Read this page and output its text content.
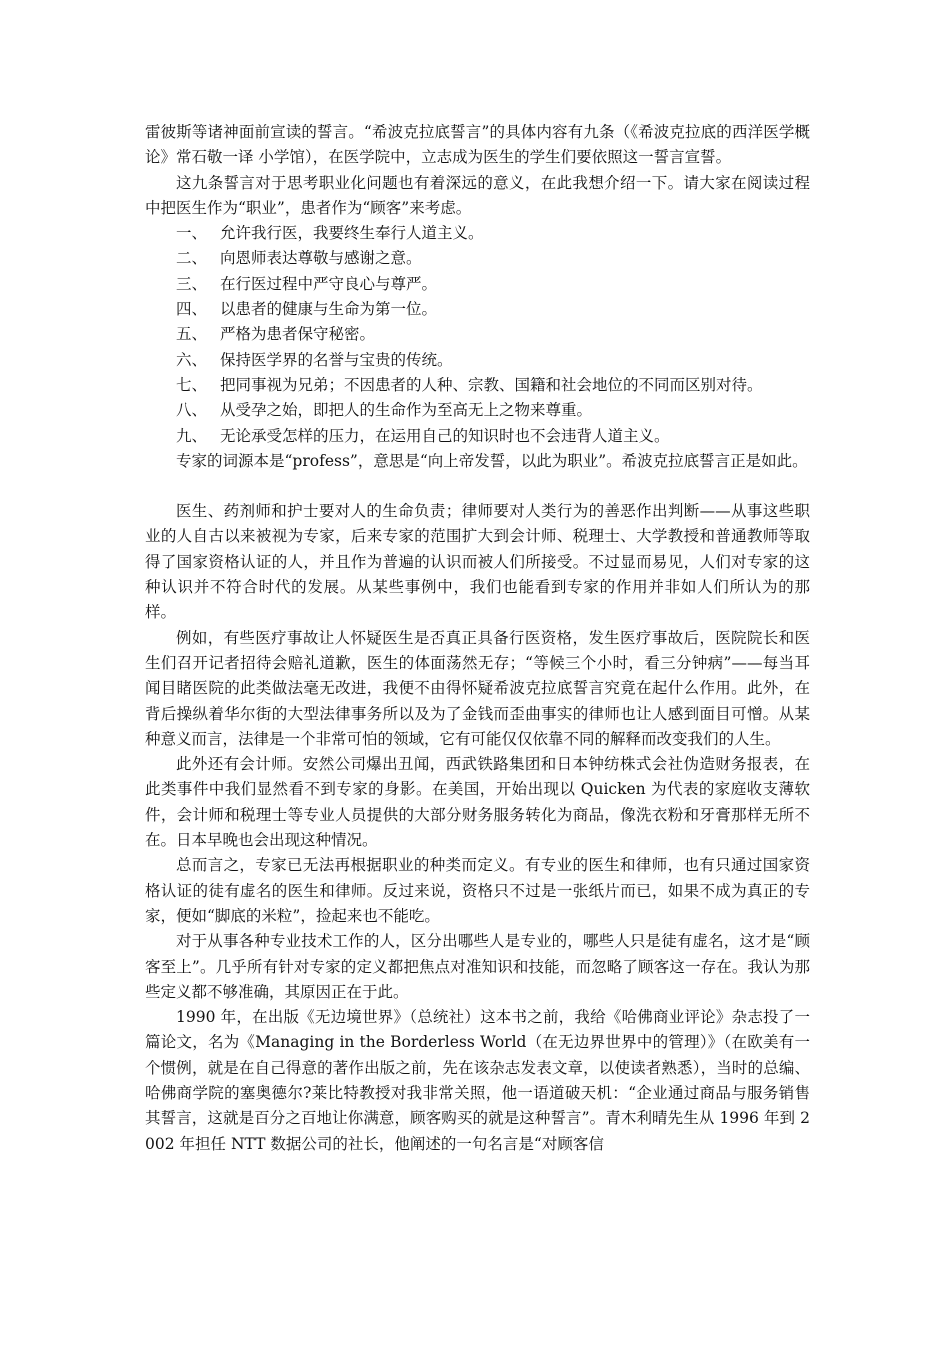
雷彼斯等诸神面前宣读的誓言。“希波克拉底誓言”的具体内容有九条（《希波克拉底的西洋医学概论》常石敬一译 小学馆），在医学院中，立志成为医生的学生们要依照这一誓言宣誓。

这九条誓言对于思考职业化问题也有着深远的意义，在此我想介绍一下。请大家在阅读过程中把医生作为“职业”，患者作为“顾客”来考虑。

一、 允许我行医，我要终生奉行人道主义。

二、 向恩师表达尊敬与感谢之意。

三、 在行医过程中严守良心与尊严。

四、 以患者的健康与生命为第一位。

五、 严格为患者保守秘密。

六、 保持医学界的名誉与宝贵的传统。

七、 把同事视为兄弟；不因患者的人种、宗教、国籍和社会地位的不同而区别对待。

八、 从受孕之始，即把人的生命作为至高无上之物来尊重。

九、 无论承受怎样的压力，在运用自己的知识时也不会违背人道主义。

专家的词源本是“profess”，意思是“向上帝发誓，以此为职业”。希波克拉底誓言正是如此。

医生、药剂师和护士要对人的生命负责；律师要对人类行为的善恶作出判断——从事这些职业的人自古以来被视为专家，后来专家的范围扩大到会计师、税理士、大学教授和普通教师等取得了国家资格认证的人，并且作为普遍的认识而被人们所接受。不过显而易见，人们对专家的这种认识并不符合时代的发展。从某些事例中，我们也能看到专家的作用并非如人们所认为的那样。

例如，有些医疗事故让人怀疑医生是否真正具备行医资格，发生医疗事故后，医院院长和医生们召开记者招待会赔礼道歉，医生的体面荡然无存；“等候三个小时，看三分钟病”——每当耳闻目睹医院的此类做法毫无改进，我便不由得怀疑希波克拉底誓言究竟在起什么作用。此外，在背后操纵着华尔街的大型法律事务所以及为了金钱而歪曲事实的律师也让人感到面目可憎。从某种意义而言，法律是一个非常可怕的领域，它有可能仅仅依靠不同的解释而改变我们的人生。

此外还有会计师。安然公司爆出丑闻，西武铁路集团和日本钟纺株式会社伪造财务报表，在此类事件中我们显然看不到专家的身影。在美国，开始出现以 Quicken 为代表的家庭收支薄软件，会计师和税理士等专业人员提供的大部分财务服务转化为商品，像洗衣粉和牙膏那样无所不在。日本早晚也会出现这种情况。

总而言之，专家已无法再根据职业的种类而定义。有专业的医生和律师，也有只通过国家资格认证的徒有虚名的医生和律师。反过来说，资格只不过是一张纸片而已，如果不成为真正的专家，便如“脚底的米粒”，捡起来也不能吃。

对于从事各种专业技术工作的人，区分出哪些人是专业的，哪些人只是徒有虚名，这才是“顾客至上”。几乎所有针对专家的定义都把焦点对准知识和技能，而忽略了顾客这一存在。我认为那些定义都不够准确，其原因正在于此。

1990 年，在出版《无边境世界》（总统社）这本书之前，我给《哈佛商业评论》杂志投了一篇论文，名为《Managing in the Borderless World（在无边界世界中的管理）》（在欧美有一个惯例，就是在自己得意的著作出版之前，先在该杂志发表文章，以使读者熟悉），当时的总编、哈佛商学院的塞奥德尔?莱比特教授对我非常关照，他一语道破天机：“企业通过商品与服务销售其誓言，这就是百分之百地让你满意，顾客购买的就是这种誓言”。青木利晴先生从 1996 年到 2002 年担任 NTT 数据公司的社长，他阐述的一句名言是“对顾客信
